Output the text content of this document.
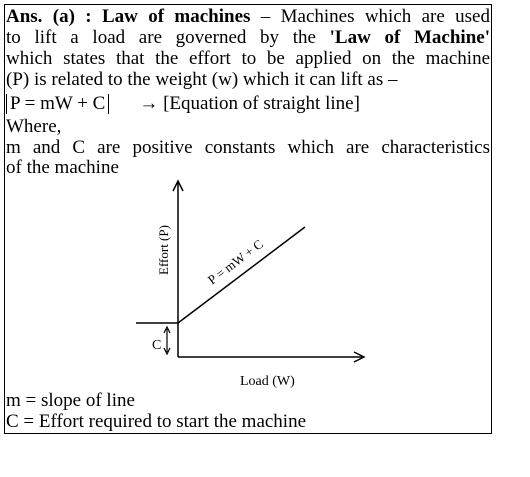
Ans. (a) : Law of machines – Machines which are used
to lift a load are governed by the 'Law of Machine'
which states that the effort to be applied on the machine
(P) is related to the weight (w) which it can lift as –
P = mW + C → [Equation of straight line]
Where,
m and C are positive constants which are characteristics
of the machine
C
Effort (P)	P = mW + C
Load (W)
m = slope of line
C = Effort required to start the machine
